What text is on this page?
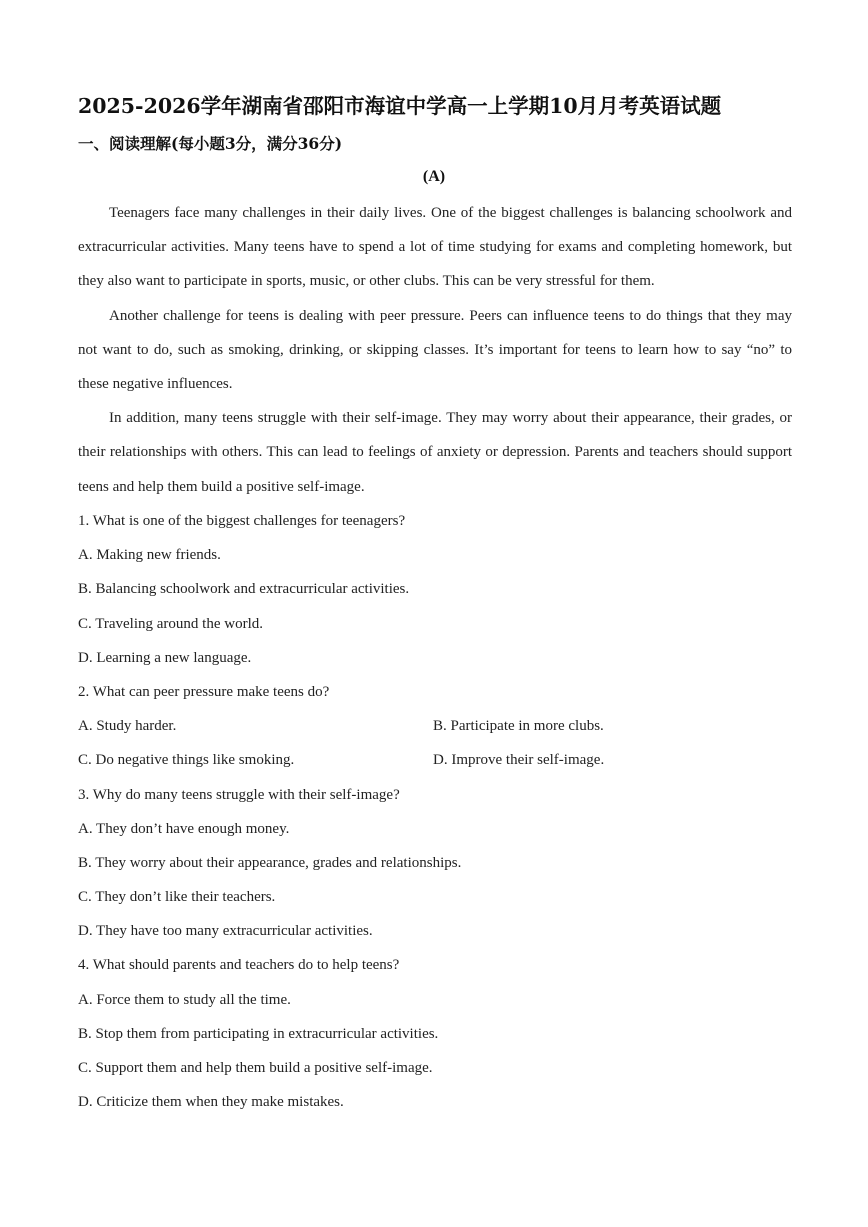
2025-2026学年湖南省邵阳市海谊中学高一上学期10月月考英语试题
一、阅读理解(每小题3分，满分36分)
(A)

Teenagers face many challenges in their daily lives. One of the biggest challenges is balancing schoolwork and extracurricular activities. Many teens have to spend a lot of time studying for exams and completing homework, but they also want to participate in sports, music, or other clubs. This can be very stressful for them.

Another challenge for teens is dealing with peer pressure. Peers can influence teens to do things that they may not want to do, such as smoking, drinking, or skipping classes. It’s important for teens to learn how to say “no” to these negative influences.

In addition, many teens struggle with their self-image. They may worry about their appearance, their grades, or their relationships with others. This can lead to feelings of anxiety or depression. Parents and teachers should support teens and help them build a positive self-image.

1. What is one of the biggest challenges for teenagers?
A. Making new friends.
B. Balancing schoolwork and extracurricular activities.
C. Traveling around the world.
D. Learning a new language.
2. What can peer pressure make teens do?
A. Study harder.	B. Participate in more clubs.
C. Do negative things like smoking.	D. Improve their self-image.
3. Why do many teens struggle with their self-image?
A. They don’t have enough money.
B. They worry about their appearance, grades and relationships.
C. They don’t like their teachers.
D. They have too many extracurricular activities.
4. What should parents and teachers do to help teens?
A. Force them to study all the time.
B. Stop them from participating in extracurricular activities.
C. Support them and help them build a positive self-image.
D. Criticize them when they make mistakes.
